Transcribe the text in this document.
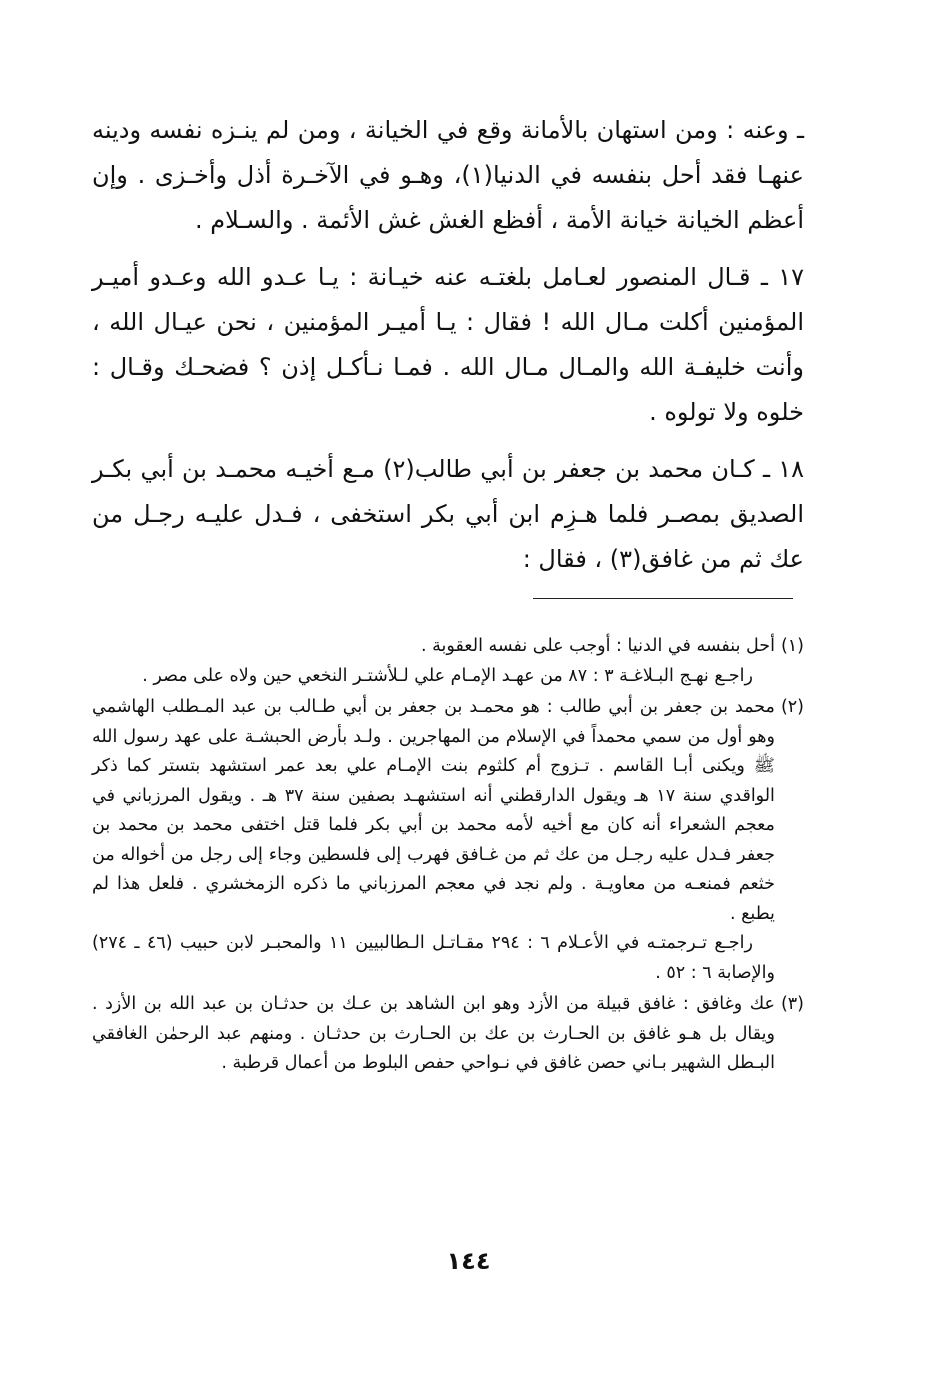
ـ وعنه : ومن استهان بالأمانة وقع في الخيانة ، ومن لم ينـزه نفسه ودينه عنهـا فقد أحل بنفسه في الدنيا(١)، وهـو في الآخـرة أذل وأخـزى . وإن أعظم الخيانة خيانة الأمة ، أفظع الغش غش الأئمة . والسـلام .

١٧ ـ قـال المنصور لعـامل بلغتـه عنه خيـانة : يـا عـدو الله وعـدو أميـر المؤمنين أكلت مـال الله ! فقال : يـا أميـر المؤمنين ، نحن عيـال الله ، وأنت خليفـة الله والمـال مـال الله . فمـا نـأكـل إذن ؟ فضحـك وقـال : خلوه ولا تولوه .

١٨ ـ كـان محمد بن جعفر بن أبي طالب(٢) مـع أخيـه محمـد بن أبي بكـر الصديق بمصـر فلما هـزِم ابن أبي بكر استخفى ، فـدل عليـه رجـل من عك ثم من غافق(٣) ، فقال :

(١)

أحل بنفسه في الدنيا : أوجب على نفسه العقوبة .

راجـع نهـج البـلاغـة ٣ : ٨٧ من عهـد الإمـام علي لـلأشتـر النخعي حين ولاه على مصر .

(٢)

محمد بن جعفر بن أبي طالب : هو محمـد بن جعفر بن أبي طـالب بن عبد المـطلب الهاشمي وهو أول من سمي محمداً في الإسلام من المهاجرين . ولـد بأرض الحبشـة على عهد رسول الله ﷺ ويكنى أبـا القاسم . تـزوج أم كلثوم بنت الإمـام علي بعد عمر استشهد بتستر كما ذكر الواقدي سنة ١٧ هـ ويقول الدارقطني أنه استشهـد بصفين سنة ٣٧ هـ . ويقول المرزباني في معجم الشعراء أنه كان مع أخيه لأمه محمد بن أبي بكر فلما قتل اختفى محمد بن محمد بن جعفر فـدل عليه رجـل من عك ثم من غـافق فهرب إلى فلسطين وجاء إلى رجل من أخواله من خثعم فمنعـه من معاويـة . ولم نجد في معجم المرزباني ما ذكره الزمخشري . فلعل هذا لم يطبع .

راجـع تـرجمتـه في الأعـلام ٦ : ٢٩٤ مقـاتـل الـطالبيين ١١ والمحبـر لابن حبيب (٤٦ ـ ٢٧٤) والإصابة ٦ : ٥٢ .

(٣)

عك وغافق : غافق قبيلة من الأزد وهو ابن الشاهد بن عـك بن حدثـان بن عبد الله بن الأزد . ويقال بل هـو غافق بن الحـارث بن عك بن الحـارث بن حدثـان . ومنهم عبد الرحمٰن الغافقي البـطل الشهير بـاني حصن غافق في نـواحي حفص البلوط من أعمال قرطبة .

١٤٤
